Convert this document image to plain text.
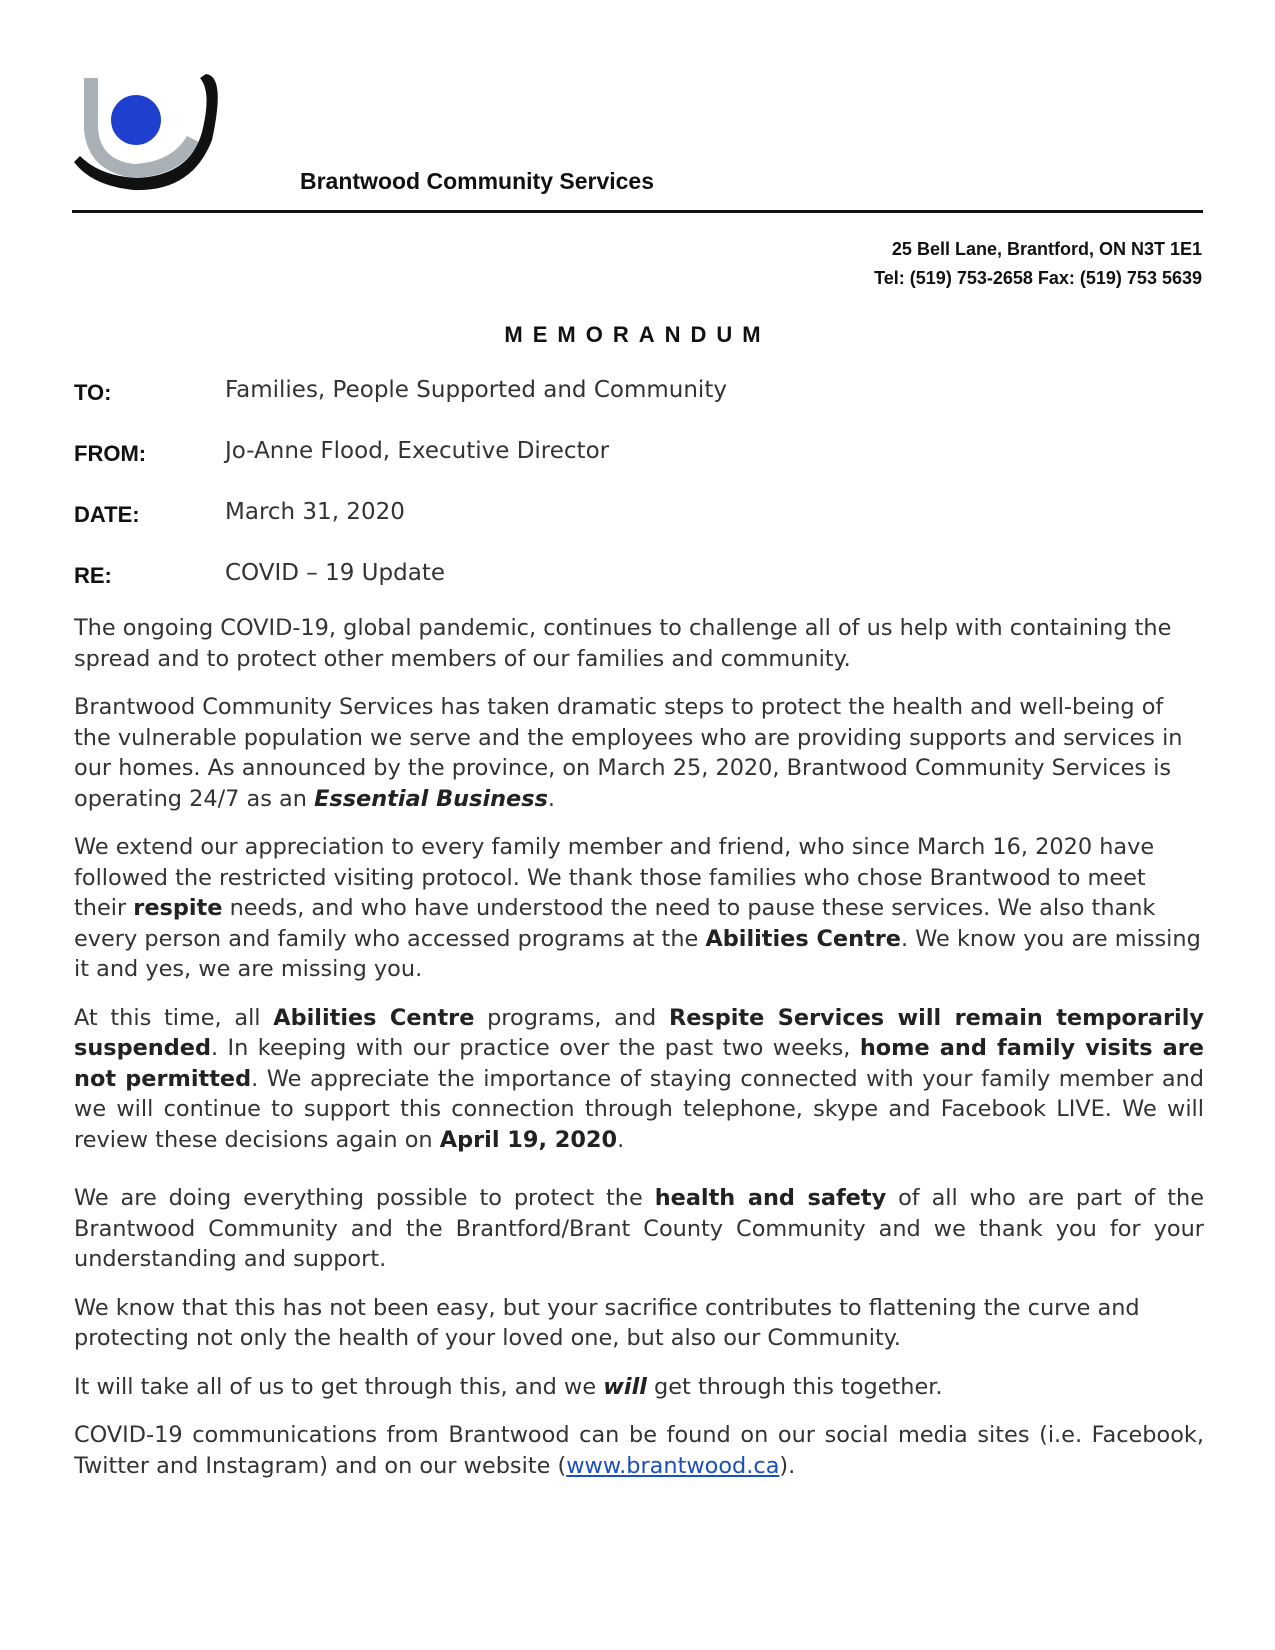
Brantwood Community Services
25 Bell Lane, Brantford, ON N3T 1E1
Tel: (519) 753-2658 Fax: (519) 753 5639
MEMORANDUM
TO:	Families, People Supported and Community
FROM:	Jo-Anne Flood, Executive Director
DATE:	March 31, 2020
RE:	COVID – 19 Update

The ongoing COVID-19, global pandemic, continues to challenge all of us help with containing the spread and to protect other members of our families and community.

Brantwood Community Services has taken dramatic steps to protect the health and well-being of the vulnerable population we serve and the employees who are providing supports and services in our homes. As announced by the province, on March 25, 2020, Brantwood Community Services is operating 24/7 as an Essential Business.

We extend our appreciation to every family member and friend, who since March 16, 2020 have followed the restricted visiting protocol. We thank those families who chose Brantwood to meet their respite needs, and who have understood the need to pause these services. We also thank every person and family who accessed programs at the Abilities Centre. We know you are missing it and yes, we are missing you.

At this time, all Abilities Centre programs, and Respite Services will remain temporarily suspended. In keeping with our practice over the past two weeks, home and family visits are not permitted. We appreciate the importance of staying connected with your family member and we will continue to support this connection through telephone, skype and Facebook LIVE. We will review these decisions again on April 19, 2020.

We are doing everything possible to protect the health and safety of all who are part of the Brantwood Community and the Brantford/Brant County Community and we thank you for your understanding and support.

We know that this has not been easy, but your sacrifice contributes to flattening the curve and protecting not only the health of your loved one, but also our Community.

It will take all of us to get through this, and we will get through this together.

COVID-19 communications from Brantwood can be found on our social media sites (i.e. Facebook, Twitter and Instagram) and on our website (www.brantwood.ca).
